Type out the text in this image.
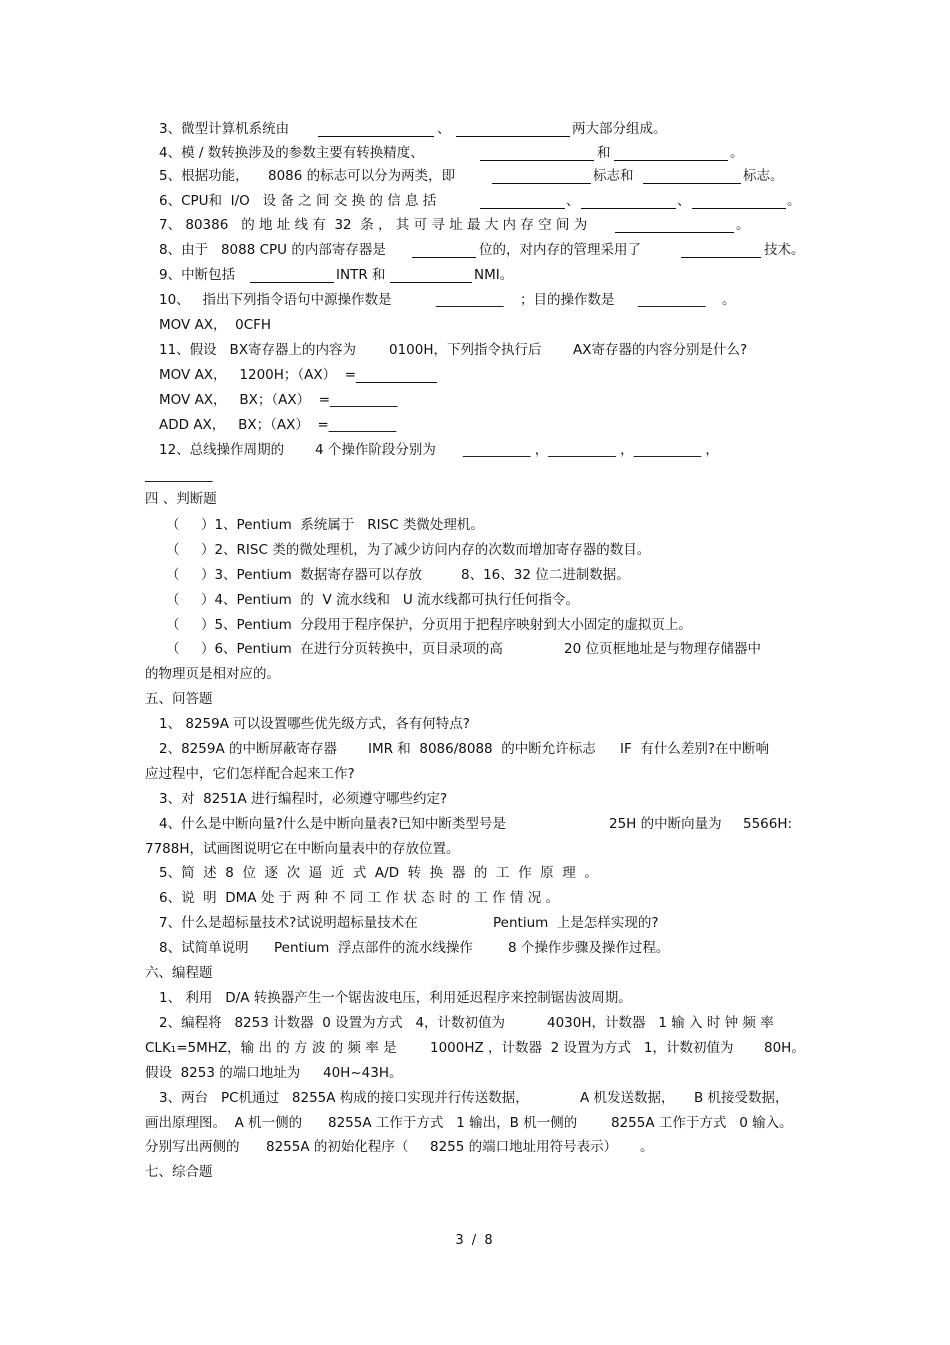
3、微型计算机系统由

	、

	两大部分组成。

4、模 / 数转换涉及的参数主要有转换精度、

	和

	。

5、根据功能，

8086 的标志可以分为两类，即

	标志和

	标志。

6、CPU和  I/O   设 备 之 间 交 换 的 信 息 括

	、

	、

	。

7、 80386   的 地 址 线 有  32  条 ， 其 可 寻 址 最 大 内 存 空 间 为

	。

8、由于   8088 CPU 的内部寄存器是

	位的，对内存的管理采用了

	技术。

9、中断包括

	INTR 和

	NMI。

10、   指出下列指令语句中源操作数是

	__________

；目的操作数是

__________

。

MOV AX，  0CFH

11、假设   BX寄存器上的内容为

0100H，下列指令执行后

AX寄存器的内容分别是什么?

MOV AX，   1200H；（AX）  =

MOV AX，   BX；（AX）  =__________

ADD AX，   BX；（AX）  =__________

12、总线操作周期的

4 个操作阶段分别为

__________ ，__________ ，__________ ，

__________

四 、判断题

（     ）1、Pentium  系统属于   RISC 类微处理机。

（     ）2、RISC 类的微处理机，为了减少访问内存的次数而增加寄存器的数目。

（     ）3、Pentium  数据寄存器可以存放

	8、16、32 位二进制数据。

（     ）4、Pentium  的  V 流水线和   U 流水线都可执行任何指令。

（     ）5、Pentium  分段用于程序保护，分页用于把程序映射到大小固定的虚拟页上。

（     ）6、Pentium  在进行分页转换中，页目录项的高

	20 位页框地址是与物理存储器中

的物理页是相对应的。

五、问答题

1、 8259A 可以设置哪些优先级方式，各有何特点?

2、8259A 的中断屏蔽寄存器

IMR 和  8086/8088  的中断允许标志

IF  有什么差别?在中断响

应过程中，它们怎样配合起来工作?

3、对  8251A 进行编程时，必须遵守哪些约定?

4、什么是中断向量?什么是中断向量表?已知中断类型号是

	25H 的中断向量为

5566H:

7788H，试画图说明它在中断向量表中的存放位置。

5、简  述  8  位  逐  次  逼  近  式  A/D  转  换  器  的  工  作  原  理  。

6、说  明  DMA 处 于 两 种 不 同 工 作 状 态 时 的 工 作 情 况 。

7、什么是超标量技术?试说明超标量技术在

	Pentium  上是怎样实现的?

8、试简单说明

Pentium  浮点部件的流水线操作

	8 个操作步骤及操作过程。

六、编程题

1、 利用   D/A 转换器产生一个锯齿波电压，利用延迟程序来控制锯齿波周期。

2、编程将   8253 计数器  0 设置为方式   4，计数初值为

	4030H，计数器   1 输 入 时 钟 频 率

CLK₁=5MHZ，输 出 的 方 波 的 频 率 是

1000HZ ，计数器  2 设置为方式   1，计数初值为

80H。

假设  8253 的端口地址为

40H~43H。

3、两台   PC机通过   8255A 构成的接口实现并行传送数据，

	A 机发送数据，

B 机接受数据，

画出原理图。  A 机一侧的

8255A 工作于方式   1 输出，B 机一侧的

	8255A 工作于方式   0 输入。

分别写出两侧的

8255A 的初始化程序（

8255 的端口地址用符号表示）

。

七、综合题

3 / 8
